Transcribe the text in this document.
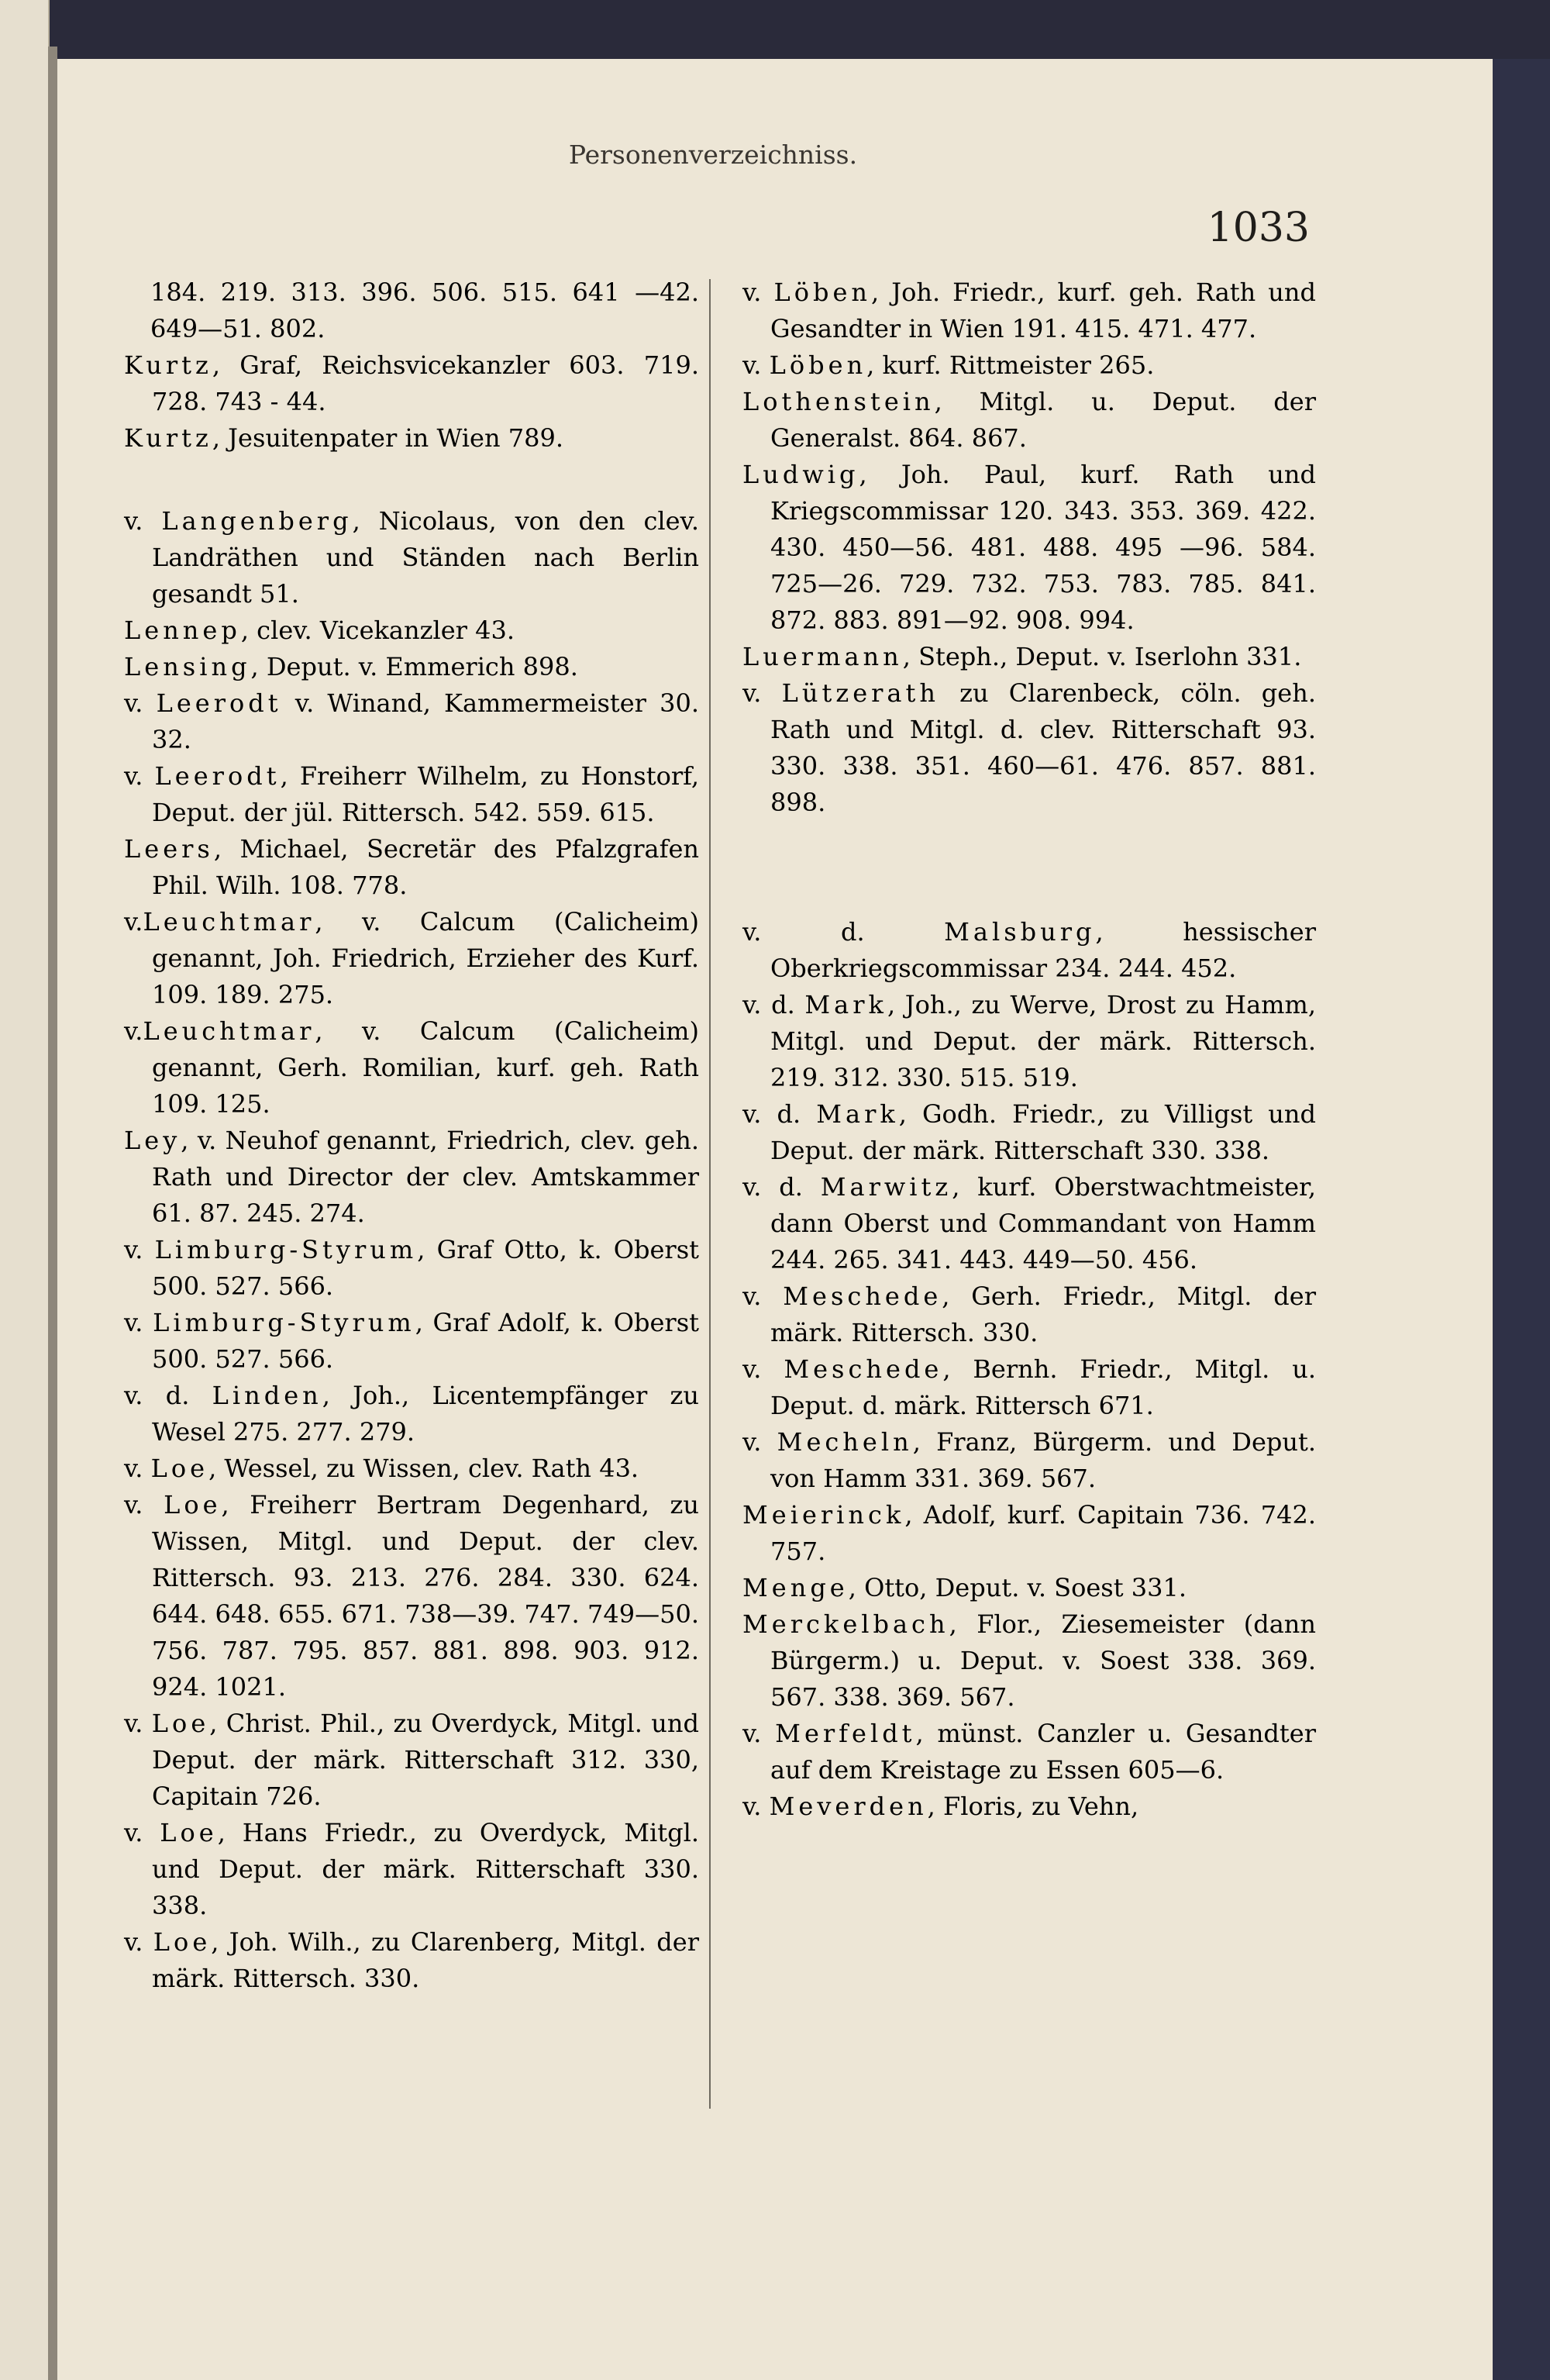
Personenverzeichniss.
1033
184. 219. 313. 396. 506. 515. 641 —42. 649—51. 802.
Kurtz, Graf, Reichsvicekanzler 603. 719. 728. 743 - 44.
Kurtz, Jesuitenpater in Wien 789.
v. Langenberg, Nicolaus, von den clev. Landräthen und Ständen nach Berlin gesandt 51.
Lennep, clev. Vicekanzler 43.
Lensing, Deput. v. Emmerich 898.
v. Leerodt v. Winand, Kammermeister 30. 32.
v. Leerodt, Freiherr Wilhelm, zu Honstorf, Deput. der jül. Rittersch. 542. 559. 615.
Leers, Michael, Secretär des Pfalzgrafen Phil. Wilh. 108. 778.
v.Leuchtmar, v. Calcum (Calicheim) genannt, Joh. Friedrich, Erzieher des Kurf. 109. 189. 275.
v.Leuchtmar, v. Calcum (Calicheim) genannt, Gerh. Romilian, kurf. geh. Rath 109. 125.
Ley, v. Neuhof genannt, Friedrich, clev. geh. Rath und Director der clev. Amtskammer 61. 87. 245. 274.
v. Limburg-Styrum, Graf Otto, k. Oberst 500. 527. 566.
v. Limburg-Styrum, Graf Adolf, k. Oberst 500. 527. 566.
v. d. Linden, Joh., Licentempfänger zu Wesel 275. 277. 279.
v. Loe, Wessel, zu Wissen, clev. Rath 43.
v. Loe, Freiherr Bertram Degenhard, zu Wissen, Mitgl. und Deput. der clev. Rittersch. 93. 213. 276. 284. 330. 624. 644. 648. 655. 671. 738—39. 747. 749—50. 756. 787. 795. 857. 881. 898. 903. 912. 924. 1021.
v. Loe, Christ. Phil., zu Overdyck, Mitgl. und Deput. der märk. Ritterschaft 312. 330, Capitain 726.
v. Loe, Hans Friedr., zu Overdyck, Mitgl. und Deput. der märk. Ritterschaft 330. 338.
v. Loe, Joh. Wilh., zu Clarenberg, Mitgl. der märk. Rittersch. 330.
v. Löben, Joh. Friedr., kurf. geh. Rath und Gesandter in Wien 191. 415. 471. 477.
v. Löben, kurf. Rittmeister 265.
Lothenstein, Mitgl. u. Deput. der Generalst. 864. 867.
Ludwig, Joh. Paul, kurf. Rath und Kriegscommissar 120. 343. 353. 369. 422. 430. 450—56. 481. 488. 495 —96. 584. 725—26. 729. 732. 753. 783. 785. 841. 872. 883. 891—92. 908. 994.
Luermann, Steph., Deput. v. Iserlohn 331.
v. Lützerath zu Clarenbeck, cöln. geh. Rath und Mitgl. d. clev. Ritterschaft 93. 330. 338. 351. 460—61. 476. 857. 881. 898.
v. d. Malsburg, hessischer Oberkriegscommissar 234. 244. 452.
v. d. Mark, Joh., zu Werve, Drost zu Hamm, Mitgl. und Deput. der märk. Rittersch. 219. 312. 330. 515. 519.
v. d. Mark, Godh. Friedr., zu Villigst und Deput. der märk. Ritterschaft 330. 338.
v. d. Marwitz, kurf. Oberstwachtmeister, dann Oberst und Commandant von Hamm 244. 265. 341. 443. 449—50. 456.
v. Meschede, Gerh. Friedr., Mitgl. der märk. Rittersch. 330.
v. Meschede, Bernh. Friedr., Mitgl. u. Deput. d. märk. Rittersch 671.
v. Mecheln, Franz, Bürgerm. und Deput. von Hamm 331. 369. 567.
Meierinck, Adolf, kurf. Capitain 736. 742. 757.
Menge, Otto, Deput. v. Soest 331.
Merckelbach, Flor., Ziesemeister (dann Bürgerm.) u. Deput. v. Soest 338. 369. 567. 338. 369. 567.
v. Merfeldt, münst. Canzler u. Gesandter auf dem Kreistage zu Essen 605—6.
v. Meverden, Floris, zu Vehn,
